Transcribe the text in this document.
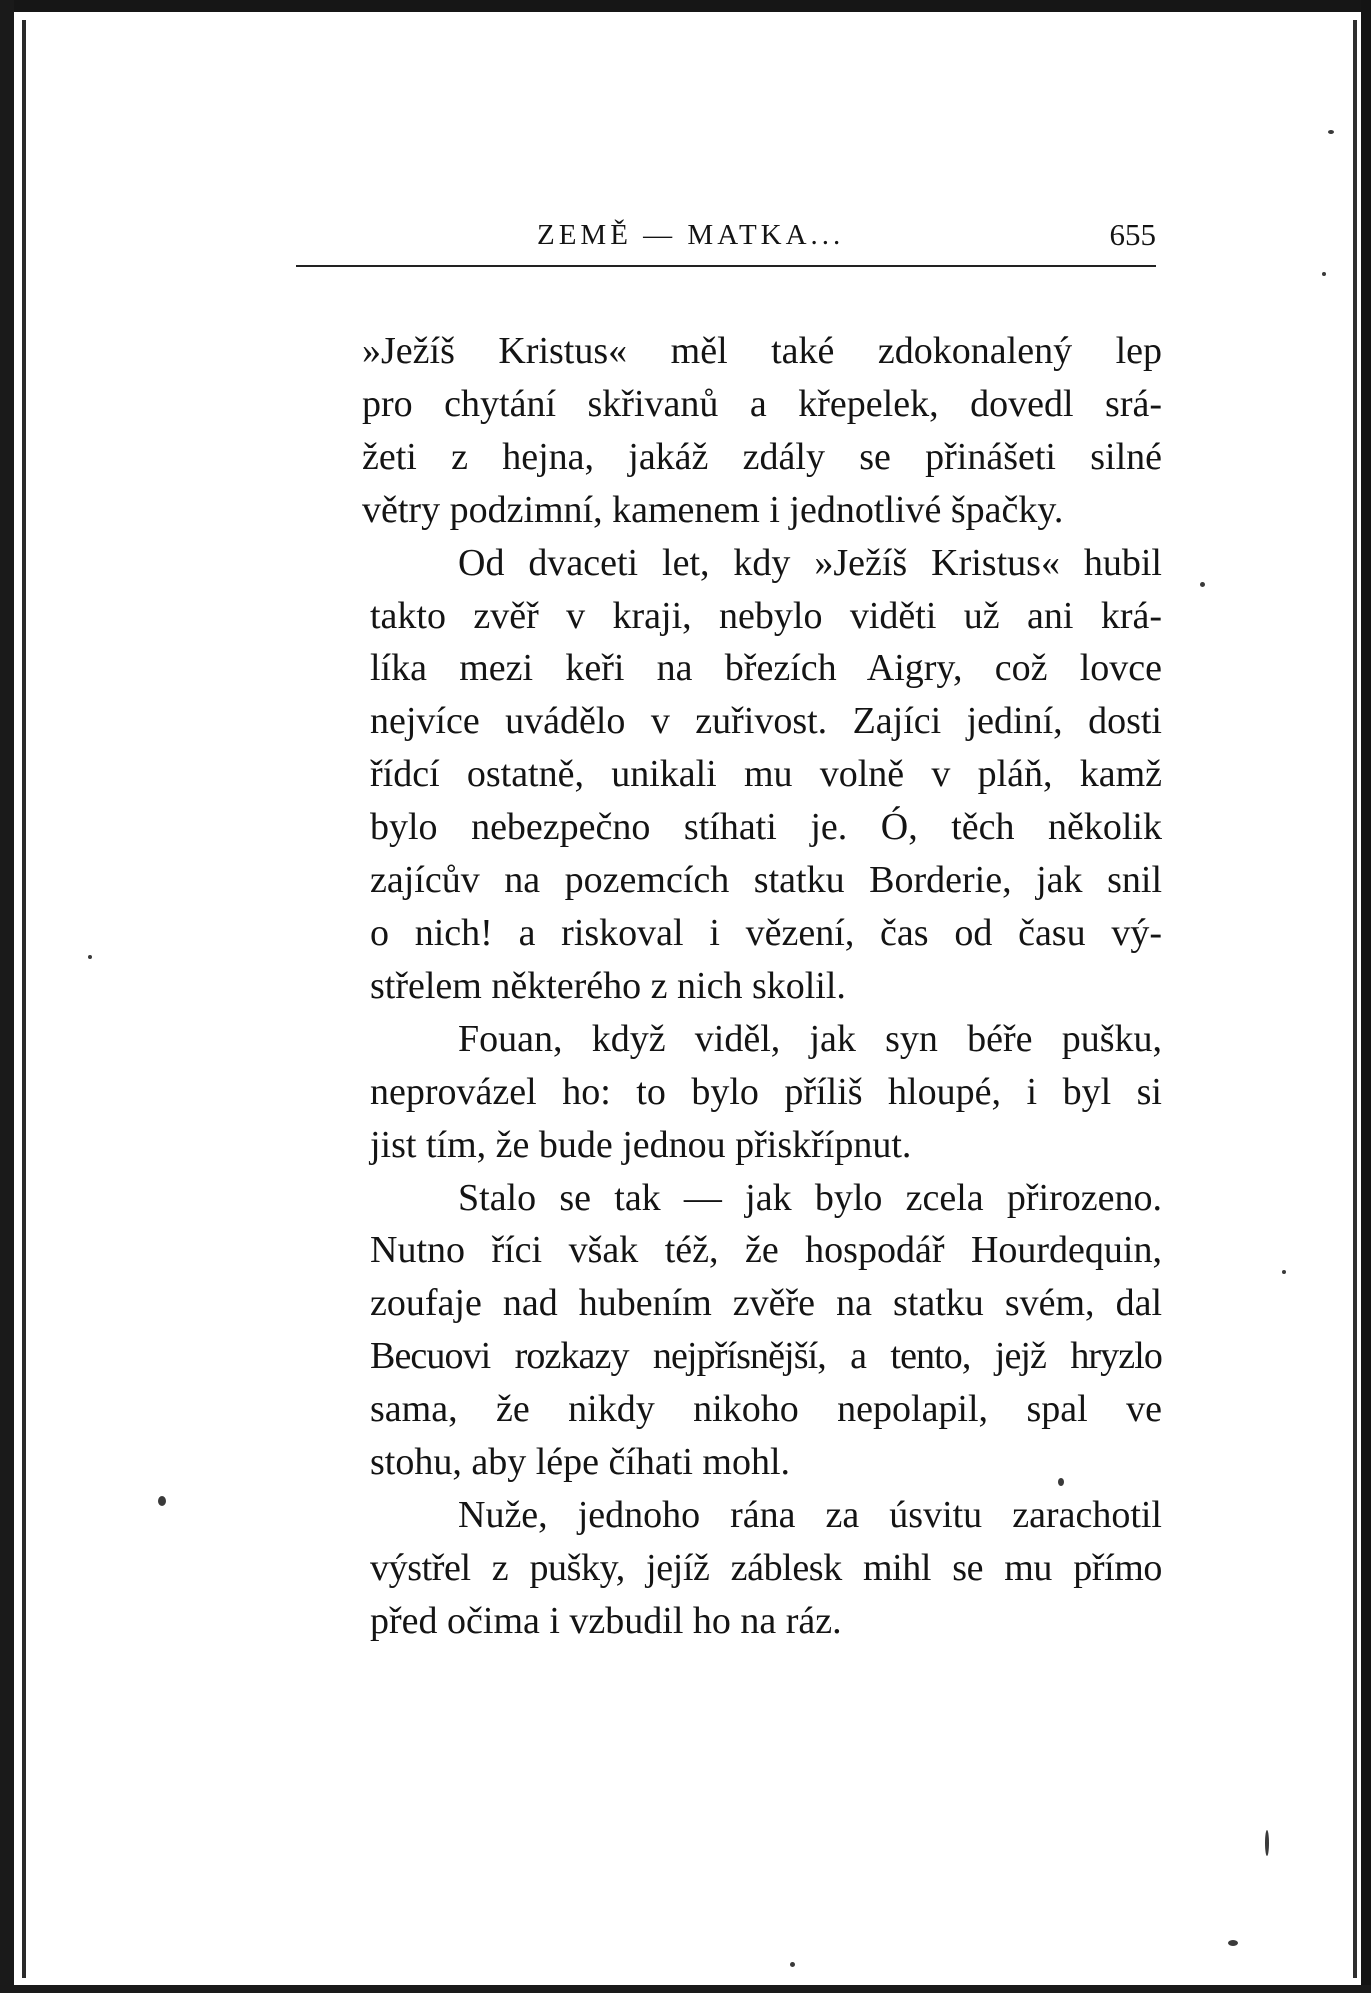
ZEMĚ — MATKA...	655

»Ježíš Kristus« měl také zdokonalený lep
pro chytání skřivanů a křepelek, dovedl srá-
žeti z hejna, jakáž zdály se přinášeti silné
větry podzimní, kamenem i jednotlivé špačky.

Od dvaceti let, kdy »Ježíš Kristus« hubil
takto zvěř v kraji, nebylo viděti už ani krá-
líka mezi keři na březích Aigry, což lovce
nejvíce uvádělo v zuřivost. Zajíci jediní, dosti
řídcí ostatně, unikali mu volně v pláň, kamž
bylo nebezpečno stíhati je. Ó, těch několik
zajícův na pozemcích statku Borderie, jak snil
o nich! a riskoval i vězení, čas od času vý-
střelem některého z nich skolil.

Fouan, když viděl, jak syn béře pušku,
neprovázel ho: to bylo příliš hloupé, i byl si
jist tím, že bude jednou přiskřípnut.

Stalo se tak — jak bylo zcela přirozeno.
Nutno říci však též, že hospodář Hourdequin,
zoufaje nad hubením zvěře na statku svém, dal
Becuovi rozkazy nejpřísnější, a tento, jejž hryzlo
sama, že nikdy nikoho nepolapil, spal ve
stohu, aby lépe číhati mohl.

Nuže, jednoho rána za úsvitu zarachotil
výstřel z pušky, jejíž záblesk mihl se mu přímo
před očima i vzbudil ho na ráz.
